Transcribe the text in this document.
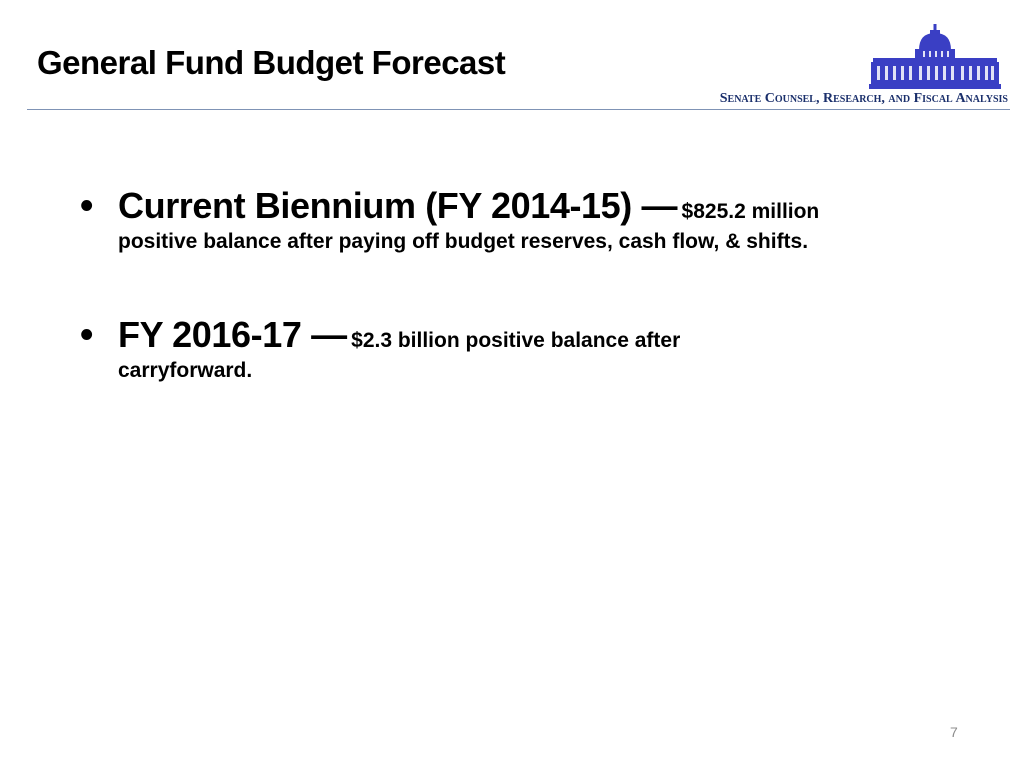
General Fund Budget Forecast
Senate Counsel, Research, and Fiscal Analysis
• Current Biennium (FY 2014-15) — $825.2 million
positive balance after paying off budget reserves, cash flow, & shifts.
• FY 2016-17 — $2.3 billion positive balance after
carryforward.
7
